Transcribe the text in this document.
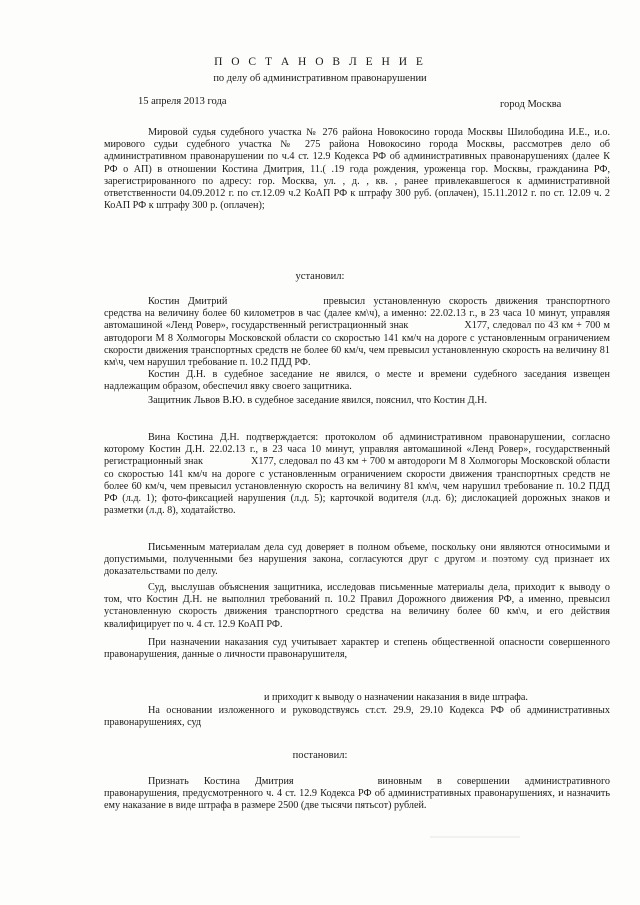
П О С Т А Н О В Л Е Н И Е
по делу об административном правонарушении
15 апреля 2013 года	город Москва

Мировой судья судебного участка № 276 района Новокосино города Москвы Шилободина И.Е., и.о. мирового судьи судебного участка № 275 района Новокосино города Москвы, рассмотрев дело об административном правонарушении по ч.4 ст. 12.9 Кодекса РФ об административных правонарушениях (далее К РФ о АП) в отношении Костина Дмитрия, 11.( .19 года рождения, уроженца гор. Москвы, гражданина РФ, зарегистрированного по адресу: гор. Москва, ул. , д. , кв. , ранее привлекавшегося к административной ответственности 04.09.2012 г. по ст.12.09 ч.2 КоАП РФ к штрафу 300 руб. (оплачен), 15.11.2012 г. по ст. 12.09 ч. 2 КоАП РФ к штрафу 300 р. (оплачен);

установил:

Костин Дмитрий	превысил установленную скорость движения транспортного средства на величину более 60 километров в час (далее км\ч), а именно: 22.02.13 г., в 23 часа 10 минут, управляя автомашиной «Ленд Ровер», государственный регистрационный знак	Х177, следовал по 43 км + 700 м автодороги М 8 Холмогоры Московской области со скоростью 141 км/ч на дороге с установленным ограничением скорости движения транспортных средств не более 60 км/ч, чем превысил установленную скорость на величину 81 км\ч, чем нарушил требование п. 10.2 ПДД РФ.

Костин Д.Н. в судебное заседание не явился, о месте и времени судебного заседания извещен надлежащим образом, обеспечил явку своего защитника.

Защитник Львов В.Ю. в судебное заседание явился, пояснил, что Костин Д.Н.

Вина Костина Д.Н. подтверждается: протоколом об административном правонарушении, согласно которому Костин Д.Н. 22.02.13 г., в 23 часа 10 минут, управляя автомашиной «Ленд Ровер», государственный регистрационный знак	Х177, следовал по 43 км + 700 м автодороги М 8 Холмогоры Московской области со скоростью 141 км/ч на дороге с установленным ограничением скорости движения транспортных средств не более 60 км/ч, чем превысил установленную скорость на величину 81 км\ч, чем нарушил требование п. 10.2 ПДД РФ (л.д. 1); фото-фиксацией нарушения (л.д. 5); карточкой водителя (л.д. 6); дислокацией дорожных знаков и разметки (л.д. 8), ходатайство.

Письменным материалам дела суд доверяет в полном объеме, поскольку они являются относимыми и допустимыми, полученными без нарушения закона, согласуются друг с другом и поэтому суд признает их доказательствами по делу.

Суд, выслушав объяснения защитника, исследовав письменные материалы дела, приходит к выводу о том, что Костин Д.Н. не выполнил требований п. 10.2 Правил Дорожного движения РФ, а именно, превысил установленную скорость движения транспортного средства на величину более 60 км\ч, и его действия квалифицирует по ч. 4 ст. 12.9 КоАП РФ.

При назначении наказания суд учитывает характер и степень общественной опасности совершенного правонарушения, данные о личности правонарушителя,

и приходит к выводу о назначении наказания в виде штрафа.

На основании изложенного и руководствуясь ст.ст. 29.9, 29.10 Кодекса РФ об административных правонарушениях, суд

постановил:

Признать Костина Дмитрия	виновным в совершении административного правонарушения, предусмотренного ч. 4 ст. 12.9 Кодекса РФ об административных правонарушениях, и назначить ему наказание в виде штрафа в размере 2500 (две тысячи пятьсот) рублей.
